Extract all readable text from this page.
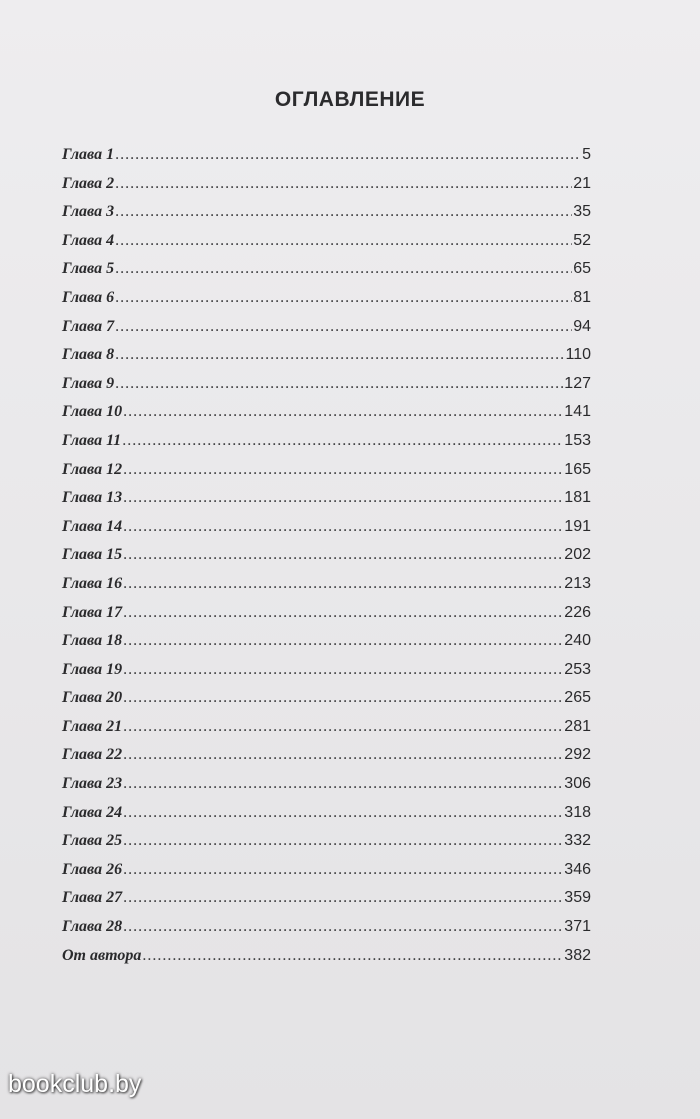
ОГЛАВЛЕНИЕ
Глава 1 .....	5
Глава 2 .....	21
Глава 3 .....	35
Глава 4 .....	52
Глава 5 .....	65
Глава 6 .....	81
Глава 7 .....	94
Глава 8 .....	110
Глава 9 .....	127
Глава 10 .....	141
Глава 11 .....	153
Глава 12 .....	165
Глава 13 .....	181
Глава 14 .....	191
Глава 15 .....	202
Глава 16 .....	213
Глава 17 .....	226
Глава 18 .....	240
Глава 19 .....	253
Глава 20 .....	265
Глава 21 .....	281
Глава 22 .....	292
Глава 23 .....	306
Глава 24 .....	318
Глава 25 .....	332
Глава 26 .....	346
Глава 27 .....	359
Глава 28 .....	371
От автора .....	382
bookclub.by
